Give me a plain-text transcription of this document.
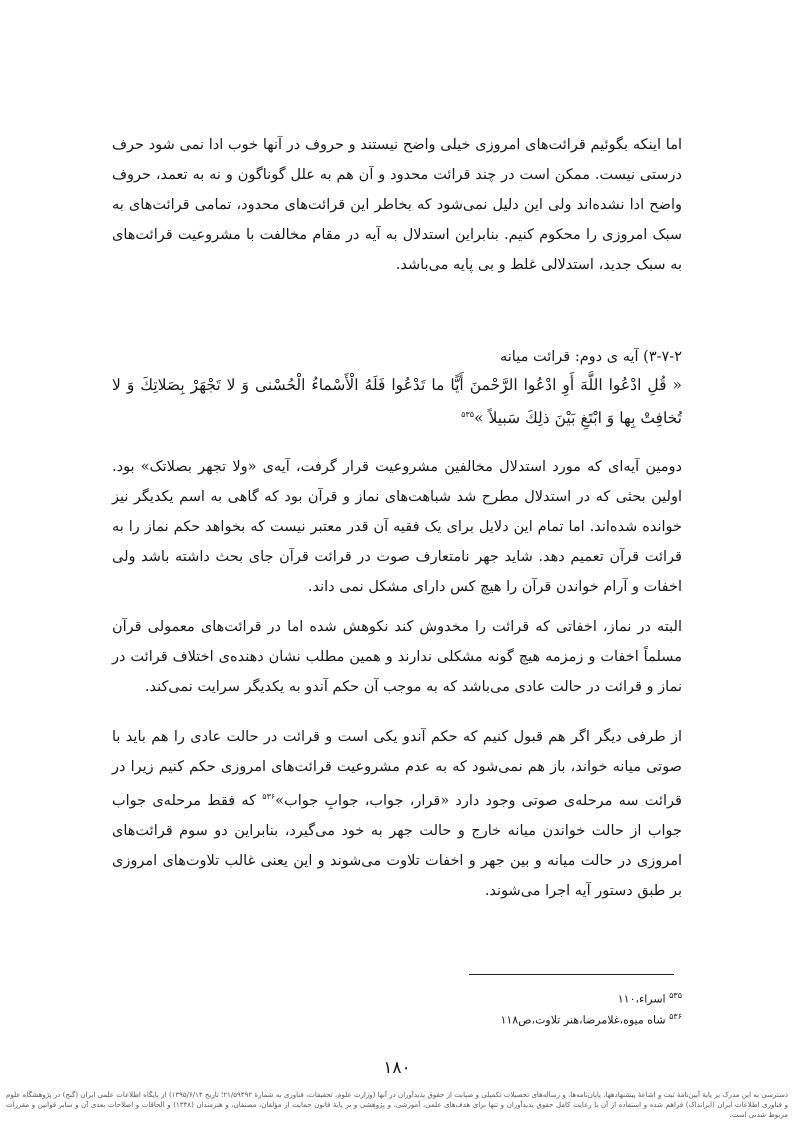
اما اینکه بگوئیم قرائت‌های امروزی خیلی واضح نیستند و حروف در آنها خوب ادا نمی شود حرف درستی نیست. ممکن است در چند قرائت محدود و آن هم به علل گوناگون و نه به تعمد، حروف واضح ادا نشده‌اند ولی این دلیل نمی‌شود که بخاطر این قرائت‌های محدود، تمامی قرائت‌های به سبک امروزی را محکوم کنیم. بنابراین استدلال به آیه در مقام مخالفت با مشروعیت قرائت‌های به سبک جدید، استدلالی غلط و بی پایه می‌باشد.

۳-۷-۲) آیه ی دوم: قرائت میانه
« قُلِ ادْعُوا اللَّهَ أَوِ ادْعُوا الرَّحْمنَ أَيًّا ما تَدْعُوا فَلَهُ الْأَسْماءُ الْحُسْنى‏ وَ لا تَجْهَرْ بِصَلاتِكَ وَ لا تُخافِتْ بِها وَ ابْتَغِ بَيْنَ ذلِكَ سَبيلاً »$^{۵۳۵}$

دومین آیه‌ای که مورد استدلال مخالفین مشروعیت قرار گرفت، آیه‌ی «ولا تجهر بصلاتک» بود. اولین بحثی که در استدلال مطرح شد شباهت‌های نماز و قرآن بود که گاهی به اسم یکدیگر نیز خوانده شده‌اند. اما تمام این دلایل برای یک فقیه آن قدر معتبر نیست که بخواهد حکم نماز را به قرائت قرآن تعمیم دهد. شاید جهر نامتعارف صوت در قرائت قرآن جای بحث داشته باشد ولی اخفات و آرام خواندن قرآن را هیچ کس دارای مشکل نمی داند.

البته در نماز، اخفاتی که قرائت را مخدوش کند نکوهش شده اما در قرائت‌های معمولی قرآن مسلماً اخفات و زمزمه هیچ گونه مشکلی ندارند و همین مطلب نشان دهنده‌ی اختلاف قرائت در نماز و قرائت در حالت عادی می‌باشد که به موجب آن حکم آندو به یکدیگر سرایت نمی‌کند.

از طرفی دیگر اگر هم قبول کنیم که حکم آندو یکی است و قرائت در حالت عادی را هم باید با صوتی میانه خواند، باز هم نمی‌شود که به عدم مشروعیت قرائت‌های امروزی حکم کنیم زیرا در قرائت سه مرحله‌ی صوتی وجود دارد «قرار، جواب، جوابِ جواب»$^{۵۳۶}$ که فقط مرحله‌ی جواب جواب از حالت خواندن میانه خارج و حالت جهر به خود می‌گیرد، بنابراین دو سوم قرائت‌های امروزی در حالت میانه و بین جهر و اخفات تلاوت می‌شوند و این یعنی غالب تلاوت‌های امروزی بر طبق دستور آیه اجرا می‌شوند.

$^{۵۳۵}$ اسراء،۱۱۰
$^{۵۳۶}$ شاه میوه،غلامرضا،هنر تلاوت،ص۱۱۸
۱۸۰
دسترسی به این مدرک بر پایهٔ آیین‌نامهٔ ثبت و اشاعهٔ پیشنهادهها، پایان‌نامه‌ها، و رساله‌های تحصیلات تکمیلی و صیانت از حقوق پدیدآوران در آنها (وزارت علوم، تحقیقات، فناوری به شمارهٔ ۲۱/۵۹۴۹۲؛ تاریخ ۱۳۹۵/۶/۱۴) از پایگاه اطلاعات علمی ایران (گنج) در پژوهشگاه علوم و فناوری اطلاعات ایران (ایرانداک) فراهم شده و استفاده از آن با رعایت کامل حقوق پدیدآوران و تنها برای هدف‌های علمی، آموزشی، و پژوهشی و بر پایهٔ قانون حمایت از مؤلفان، مصنفان، و هنرمندان (۱۳۴۸) و الحاقات و اصلاحات بعدی آن و سایر قوانین و مقررات مربوط شدنی است.
